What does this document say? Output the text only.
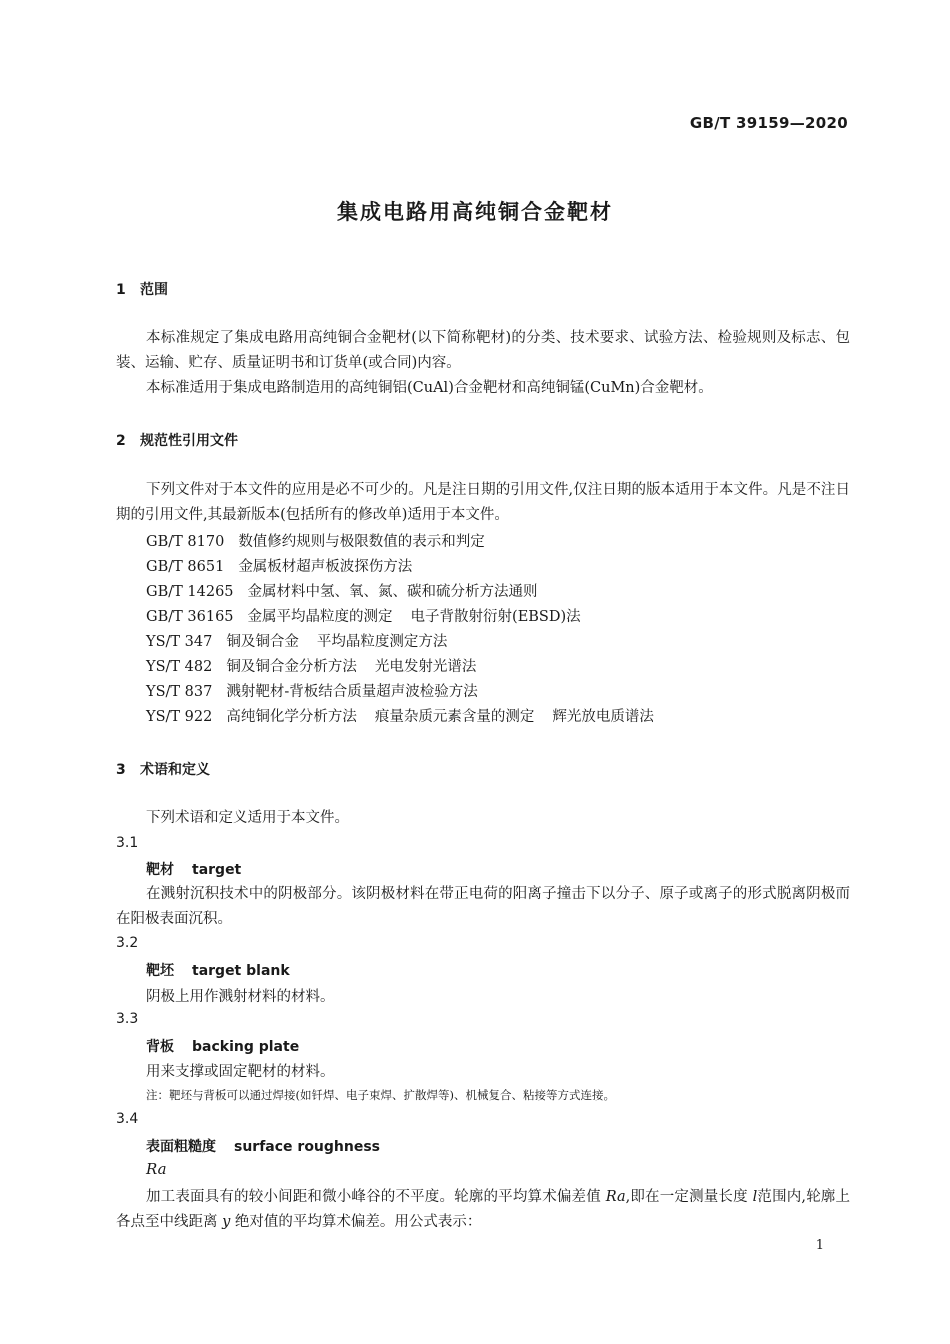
GB/T 39159—2020
集成电路用高纯铜合金靶材
1 范围

本标准规定了集成电路用高纯铜合金靶材(以下简称靶材)的分类、技术要求、试验方法、检验规则及标志、包装、运输、贮存、质量证明书和订货单(或合同)内容。

本标准适用于集成电路制造用的高纯铜铝(CuAl)合金靶材和高纯铜锰(CuMn)合金靶材。

2 规范性引用文件

下列文件对于本文件的应用是必不可少的。凡是注日期的引用文件,仅注日期的版本适用于本文件。凡是不注日期的引用文件,其最新版本(包括所有的修改单)适用于本文件。

GB/T 8170 数值修约规则与极限数值的表示和判定
GB/T 8651 金属板材超声板波探伤方法
GB/T 14265 金属材料中氢、氧、氮、碳和硫分析方法通则
GB/T 36165 金属平均晶粒度的测定 电子背散射衍射(EBSD)法
YS/T 347 铜及铜合金 平均晶粒度测定方法
YS/T 482 铜及铜合金分析方法 光电发射光谱法
YS/T 837 溅射靶材-背板结合质量超声波检验方法
YS/T 922 高纯铜化学分析方法 痕量杂质元素含量的测定 辉光放电质谱法
3 术语和定义

下列术语和定义适用于本文件。

3.1
靶材 target

在溅射沉积技术中的阴极部分。该阴极材料在带正电荷的阳离子撞击下以分子、原子或离子的形式脱离阴极而在阳极表面沉积。

3.2
靶坯 target blank
阴极上用作溅射材料的材料。
3.3
背板 backing plate
用来支撑或固定靶材的材料。
注：靶坯与背板可以通过焊接(如钎焊、电子束焊、扩散焊等)、机械复合、粘接等方式连接。
3.4
表面粗糙度 surface roughness
Ra

加工表面具有的较小间距和微小峰谷的不平度。轮廓的平均算术偏差值 Ra,即在一定测量长度 l范围内,轮廓上各点至中线距离 y 绝对值的平均算术偏差。用公式表示：

1
